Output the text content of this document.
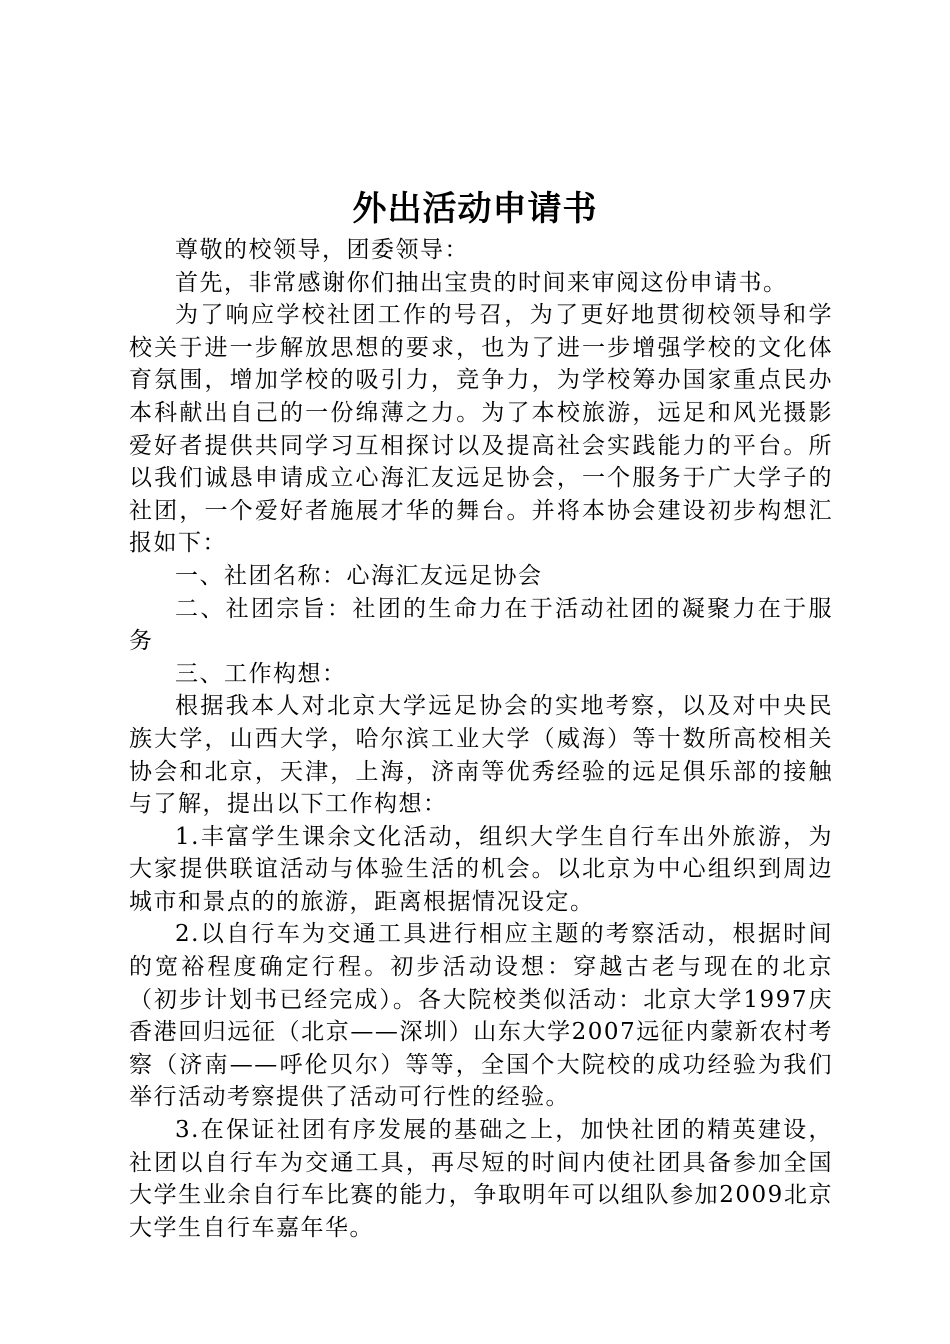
外出活动申请书

尊敬的校领导，团委领导：

首先，非常感谢你们抽出宝贵的时间来审阅这份申请书。

为了响应学校社团工作的号召，为了更好地贯彻校领导和学校关于进一步解放思想的要求，也为了进一步增强学校的文化体育氛围，增加学校的吸引力，竞争力，为学校筹办国家重点民办本科献出自己的一份绵薄之力。为了本校旅游，远足和风光摄影爱好者提供共同学习互相探讨以及提高社会实践能力的平台。所以我们诚恳申请成立心海汇友远足协会，一个服务于广大学子的社团，一个爱好者施展才华的舞台。并将本协会建设初步构想汇报如下：

一、社团名称：心海汇友远足协会

二、社团宗旨：社团的生命力在于活动社团的凝聚力在于服务

三、工作构想：

根据我本人对北京大学远足协会的实地考察，以及对中央民族大学，山西大学，哈尔滨工业大学（威海）等十数所高校相关协会和北京，天津，上海，济南等优秀经验的远足俱乐部的接触与了解，提出以下工作构想：

1.丰富学生课余文化活动，组织大学生自行车出外旅游，为大家提供联谊活动与体验生活的机会。以北京为中心组织到周边城市和景点的的旅游，距离根据情况设定。

2.以自行车为交通工具进行相应主题的考察活动，根据时间的宽裕程度确定行程。初步活动设想：穿越古老与现在的北京（初步计划书已经完成）。各大院校类似活动：北京大学1997庆香港回归远征（北京——深圳）山东大学2007远征内蒙新农村考察（济南——呼伦贝尔）等等，全国个大院校的成功经验为我们举行活动考察提供了活动可行性的经验。

3.在保证社团有序发展的基础之上，加快社团的精英建设，社团以自行车为交通工具，再尽短的时间内使社团具备参加全国大学生业余自行车比赛的能力，争取明年可以组队参加2009北京大学生自行车嘉年华。
